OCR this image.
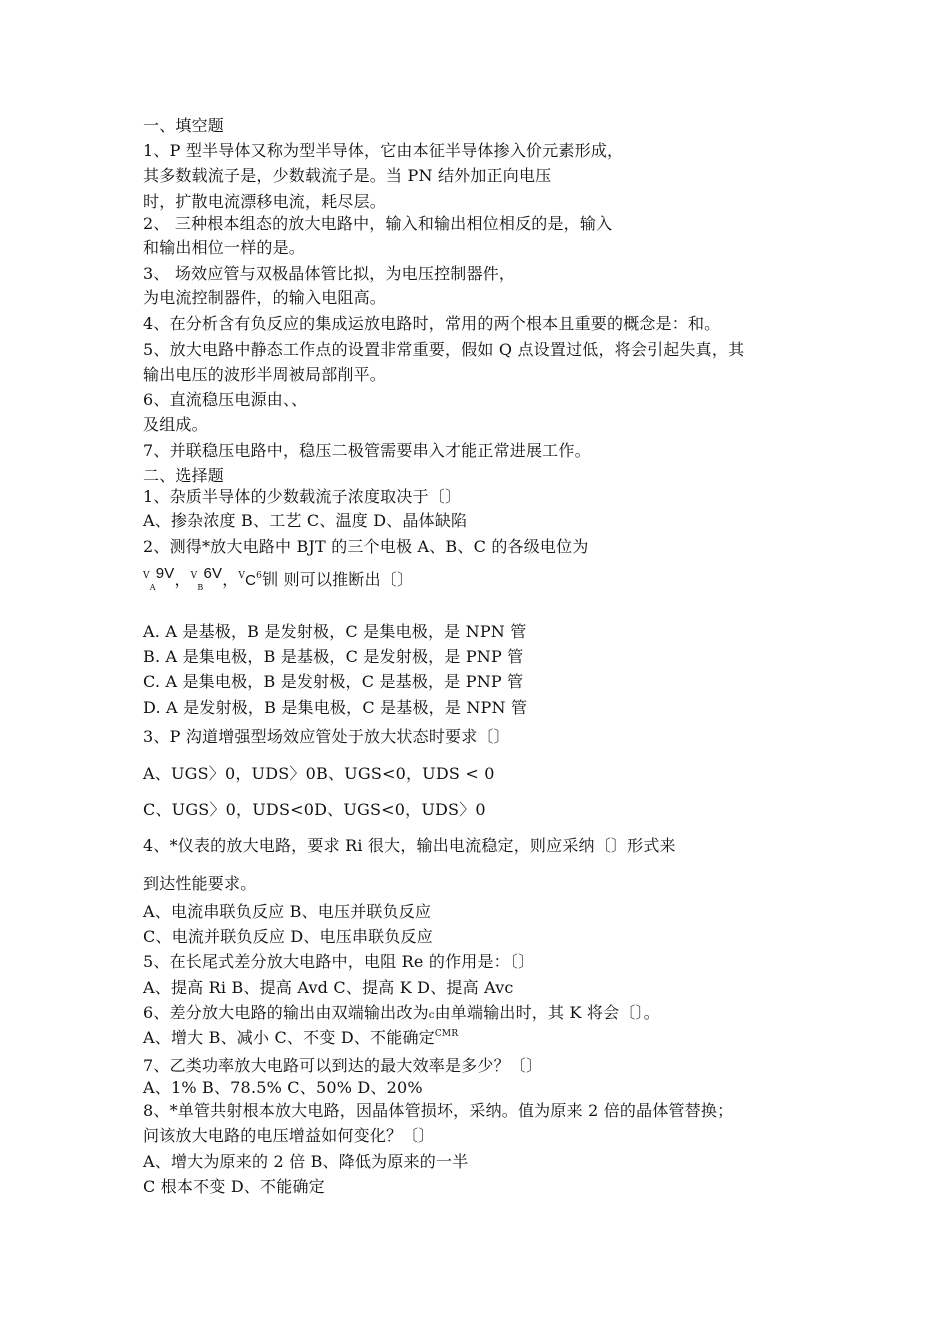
一、填空题
1、P 型半导体又称为型半导体，它由本征半导体掺入价元素形成，
其多数载流子是，少数载流子是。当 PN 结外加正向电压
时，扩散电流漂移电流，耗尽层。
2、 三种根本组态的放大电路中，输入和输出相位相反的是，输入
和输出相位一样的是。
3、 场效应管与双极晶体管比拟，为电压控制器件，
为电流控制器件，的输入电阻高。
4、在分析含有负反应的集成运放电路时，常用的两个根本且重要的概念是：和。
5、放大电路中静态工作点的设置非常重要，假如 Q 点设置过低，将会引起失真，其
输出电压的波形半周被局部削平。
6、直流稳压电源由、、
及组成。
7、并联稳压电路中，稳压二极管需要串入才能正常进展工作。
二、选择题
1、杂质半导体的少数载流子浓度取决于〔〕
A、掺杂浓度 B、工艺 C、温度 D、晶体缺陷
2、测得*放大电路中 BJT 的三个电极 A、B、C 的各级电位为
$^V_A$9V，$^V_B$6V，$^VC^6$钏 则可以推断出〔〕
A. A 是基极，B 是发射极，C 是集电极，是 NPN 管
B. A 是集电极，B 是基极，C 是发射极，是 PNP 管
C. A 是集电极，B 是发射极，C 是基极，是 PNP 管
D. A 是发射极，B 是集电极，C 是基极，是 NPN 管
3、P 沟道增强型场效应管处于放大状态时要求〔〕
A、UGS〉0，UDS〉0B、UGS<0，UDS < 0
C、UGS〉0，UDS<0D、UGS<0，UDS〉0
4、*仪表的放大电路，要求 Ri 很大，输出电流稳定，则应采纳〔〕形式来
到达性能要求。
A、电流串联负反应 B、电压并联负反应
C、电流并联负反应 D、电压串联负反应
5、在长尾式差分放大电路中，电阻 Re 的作用是：〔〕
A、提高 Ri B、提高 Avd C、提高 K D、提高 Avc
6、差分放大电路的输出由双端输出改为c由单端输出时，其 K 将会〔〕。
A、增大 B、减小 C、不变 D、不能确定$^{CMR}$
7、乙类功率放大电路可以到达的最大效率是多少？〔〕
A、1% B、78.5% C、50% D、20%
8、*单管共射根本放大电路，因晶体管损坏，采纳。值为原来 2 倍的晶体管替换；
问该放大电路的电压增益如何变化？〔〕
A、增大为原来的 2 倍 B、降低为原来的一半
C 根本不变 D、不能确定
